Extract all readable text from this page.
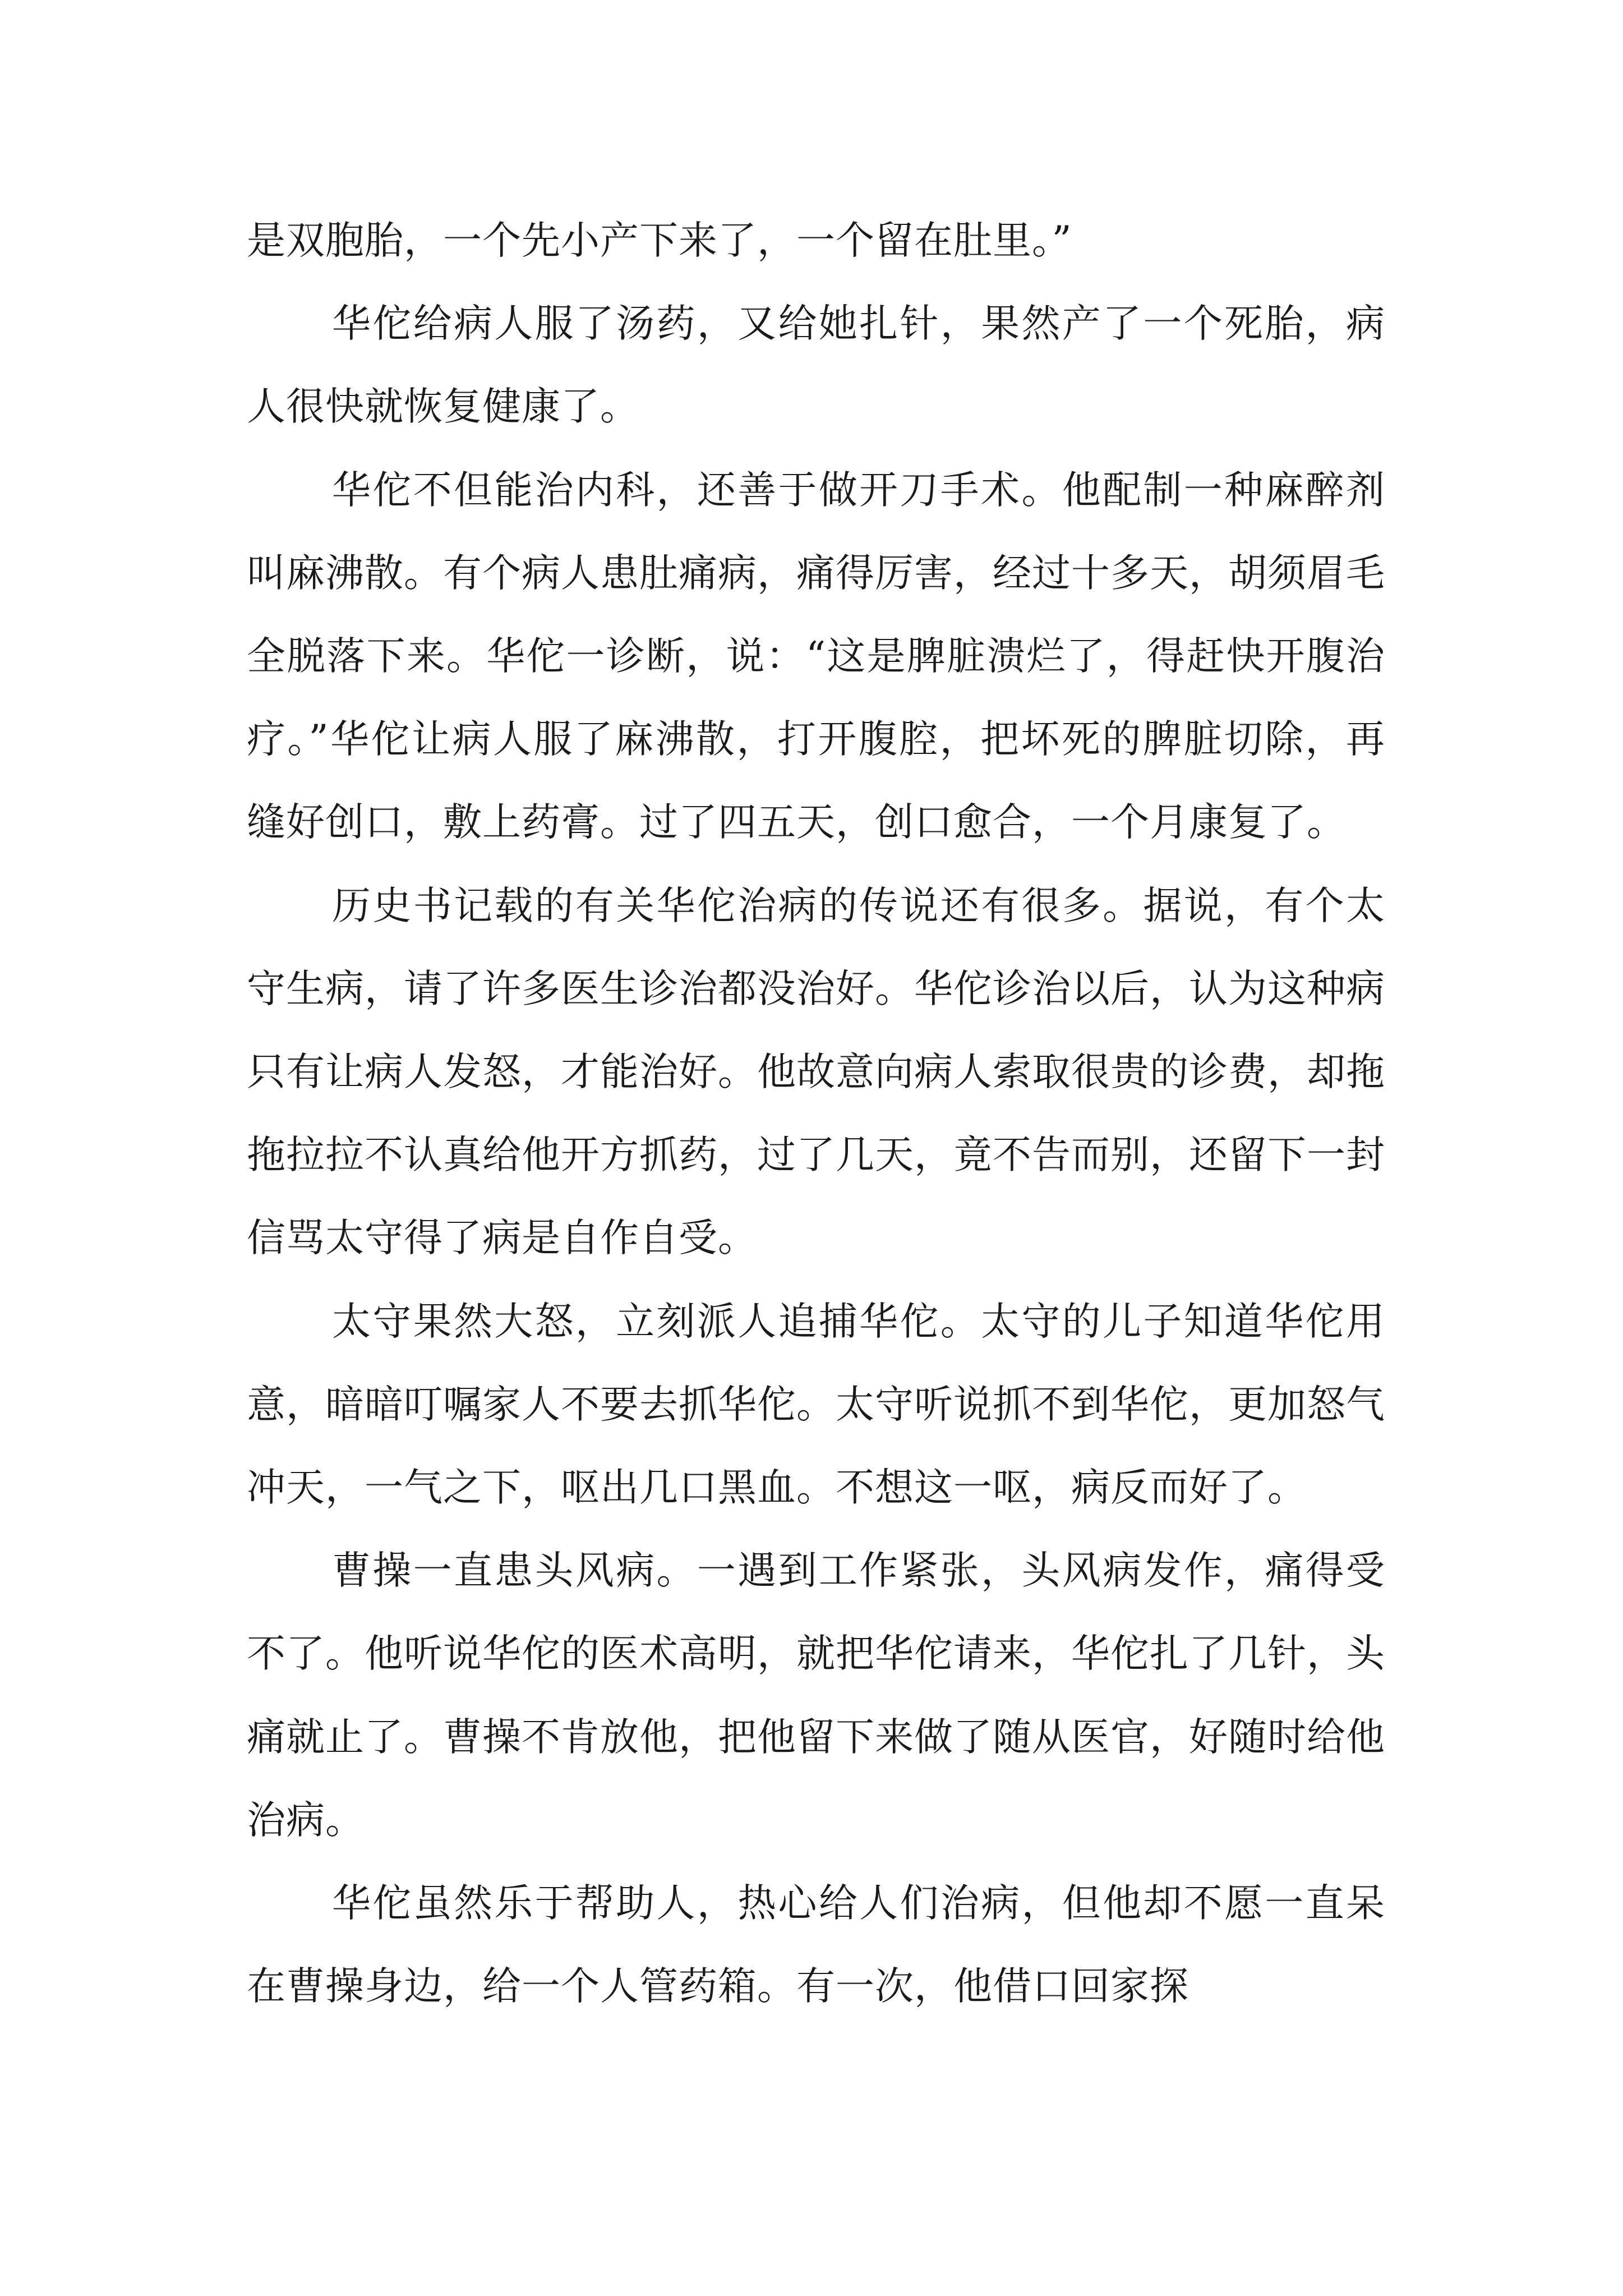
是双胞胎，一个先小产下来了，一个留在肚里。”

华佗给病人服了汤药，又给她扎针，果然产了一个死胎，病人很快就恢复健康了。

华佗不但能治内科，还善于做开刀手术。他配制一种麻醉剂叫麻沸散。有个病人患肚痛病，痛得厉害，经过十多天，胡须眉毛全脱落下来。华佗一诊断，说：“这是脾脏溃烂了，得赶快开腹治疗。”华佗让病人服了麻沸散，打开腹腔，把坏死的脾脏切除，再缝好创口，敷上药膏。过了四五天，创口愈合，一个月康复了。

历史书记载的有关华佗治病的传说还有很多。据说，有个太守生病，请了许多医生诊治都没治好。华佗诊治以后，认为这种病只有让病人发怒，才能治好。他故意向病人索取很贵的诊费，却拖拖拉拉不认真给他开方抓药，过了几天，竟不告而别，还留下一封信骂太守得了病是自作自受。

太守果然大怒，立刻派人追捕华佗。太守的儿子知道华佗用意，暗暗叮嘱家人不要去抓华佗。太守听说抓不到华佗，更加怒气冲天，一气之下，呕出几口黑血。不想这一呕，病反而好了。

曹操一直患头风病。一遇到工作紧张，头风病发作，痛得受不了。他听说华佗的医术高明，就把华佗请来，华佗扎了几针，头痛就止了。曹操不肯放他，把他留下来做了随从医官，好随时给他治病。

华佗虽然乐于帮助人，热心给人们治病，但他却不愿一直呆在曹操身边，给一个人管药箱。有一次，他借口回家探
